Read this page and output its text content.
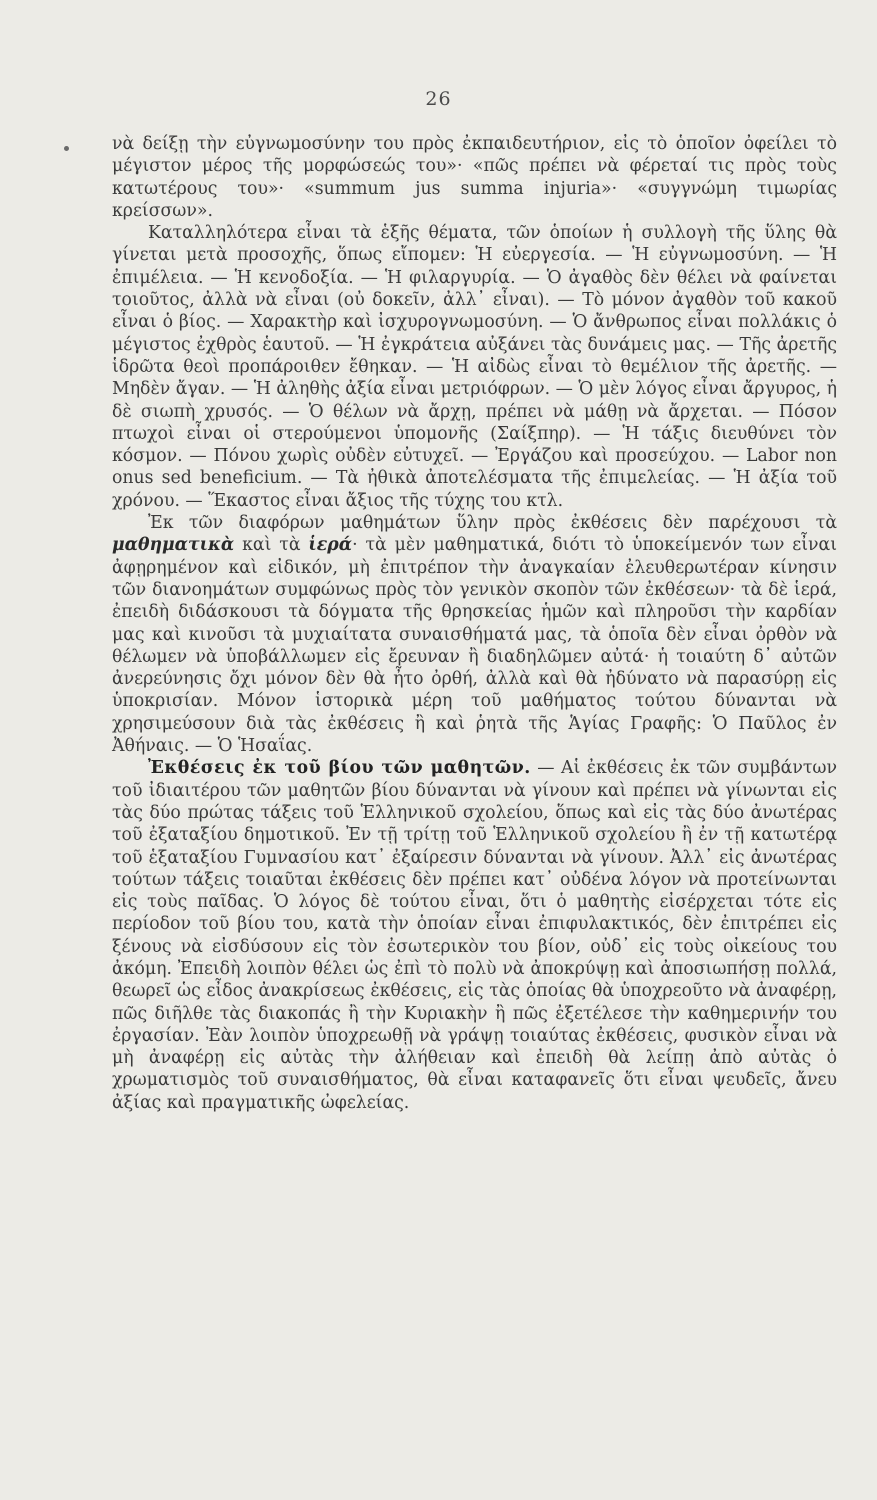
26

νὰ δείξῃ τὴν εὐγνωμοσύνην του πρὸς ἐκπαιδευτήριον, εἰς τὸ ὁποῖον ὀφείλει τὸ μέγιστον μέρος τῆς μορφώσεώς του»· «πῶς πρέπει νὰ φέρεταί τις πρὸς τοὺς κατωτέρους του»· «summum jus summa injuria»· «συγγνώμη τιμωρίας κρείσσων».

Καταλληλότερα εἶναι τὰ ἑξῆς θέματα, τῶν ὁποίων ἡ συλλογὴ τῆς ὕλης θὰ γίνεται μετὰ προσοχῆς, ὅπως εἴπομεν: Ἡ εὐεργεσία. — Ἡ εὐγνωμοσύνη. — Ἡ ἐπιμέλεια. — Ἡ κενοδοξία. — Ἡ φιλαργυρία. — Ὁ ἀγαθὸς δὲν θέλει νὰ φαίνεται τοιοῦτος, ἀλλὰ νὰ εἶναι (οὐ δοκεῖν, ἀλλ᾽ εἶναι). — Τὸ μόνον ἀγαθὸν τοῦ κακοῦ εἶναι ὁ βίος. — Χαρακτὴρ καὶ ἰσχυρογνωμοσύνη. — Ὁ ἄνθρωπος εἶναι πολλάκις ὁ μέγιστος ἐχθρὸς ἑαυτοῦ. — Ἡ ἐγκράτεια αὐξάνει τὰς δυνάμεις μας. — Τῆς ἀρετῆς ἱδρῶτα θεοὶ προπάροιθεν ἔθηκαν. — Ἡ αἰδὼς εἶναι τὸ θεμέλιον τῆς ἀρετῆς. — Μηδὲν ἄγαν. — Ἡ ἀληθὴς ἀξία εἶναι μετριόφρων. — Ὁ μὲν λόγος εἶναι ἄργυρος, ἡ δὲ σιωπὴ χρυσός. — Ὁ θέλων νὰ ἄρχῃ, πρέπει νὰ μάθῃ νὰ ἄρχεται. — Πόσον πτωχοὶ εἶναι οἱ στερούμενοι ὑπομονῆς (Σαίξπηρ). — Ἡ τάξις διευθύνει τὸν κόσμον. — Πόνου χωρὶς οὐδὲν εὐτυχεῖ. — Ἐργάζου καὶ προσεύχου. — Labor non onus sed beneficium. — Τὰ ἠθικὰ ἀποτελέσματα τῆς ἐπιμελείας. — Ἡ ἀξία τοῦ χρόνου. — Ἕκαστος εἶναι ἄξιος τῆς τύχης του κτλ.

Ἐκ τῶν διαφόρων μαθημάτων ὕλην πρὸς ἐκθέσεις δὲν παρέχουσι τὰ μαθηματικὰ καὶ τὰ ἱερά· τὰ μὲν μαθηματικά, διότι τὸ ὑποκείμενόν των εἶναι ἀφῃρημένον καὶ εἰδικόν, μὴ ἐπιτρέπον τὴν ἀναγκαίαν ἐλευθερωτέραν κίνησιν τῶν διανοημάτων συμφώνως πρὸς τὸν γενικὸν σκοπὸν τῶν ἐκθέσεων· τὰ δὲ ἱερά, ἐπειδὴ διδάσκουσι τὰ δόγματα τῆς θρησκείας ἡμῶν καὶ πληροῦσι τὴν καρδίαν μας καὶ κινοῦσι τὰ μυχιαίτατα συναισθήματά μας, τὰ ὁποῖα δὲν εἶναι ὀρθὸν νὰ θέλωμεν νὰ ὑποβάλλωμεν εἰς ἔρευναν ἢ διαδηλῶμεν αὐτά· ἡ τοιαύτη δ᾽ αὐτῶν ἀνερεύνησις ὄχι μόνον δὲν θὰ ἦτο ὀρθή, ἀλλὰ καὶ θὰ ἠδύνατο νὰ παρασύρῃ εἰς ὑποκρισίαν. Μόνον ἱστορικὰ μέρη τοῦ μαθήματος τούτου δύνανται νὰ χρησιμεύσουν διὰ τὰς ἐκθέσεις ἢ καὶ ῥητὰ τῆς Ἁγίας Γραφῆς: Ὁ Παῦλος ἐν Ἀθήναις. — Ὁ Ἡσαΐας.

Ἐκθέσεις ἐκ τοῦ βίου τῶν μαθητῶν. — Αἱ ἐκθέσεις ἐκ τῶν συμβάντων τοῦ ἰδιαιτέρου τῶν μαθητῶν βίου δύνανται νὰ γίνουν καὶ πρέπει νὰ γίνωνται εἰς τὰς δύο πρώτας τάξεις τοῦ Ἑλληνικοῦ σχολείου, ὅπως καὶ εἰς τὰς δύο ἀνωτέρας τοῦ ἐξαταξίου δημοτικοῦ. Ἐν τῇ τρίτῃ τοῦ Ἑλληνικοῦ σχολείου ἢ ἐν τῇ κατωτέρᾳ τοῦ ἑξαταξίου Γυμνασίου κατ᾽ ἐξαίρεσιν δύνανται νὰ γίνουν. Ἀλλ᾽ εἰς ἀνωτέρας τούτων τάξεις τοιαῦται ἐκθέσεις δὲν πρέπει κατ᾽ οὐδένα λόγον νὰ προτείνωνται εἰς τοὺς παῖδας. Ὁ λόγος δὲ τούτου εἶναι, ὅτι ὁ μαθητὴς εἰσέρχεται τότε εἰς περίοδον τοῦ βίου του, κατὰ τὴν ὁποίαν εἶναι ἐπιφυλακτικός, δὲν ἐπιτρέπει εἰς ξένους νὰ εἰσδύσουν εἰς τὸν ἐσωτερικὸν του βίον, οὐδ᾽ εἰς τοὺς οἰκείους του ἀκόμη. Ἐπειδὴ λοιπὸν θέλει ὡς ἐπὶ τὸ πολὺ νὰ ἀποκρύψῃ καὶ ἀποσιωπήσῃ πολλά, θεωρεῖ ὡς εἶδος ἀνακρίσεως ἐκθέσεις, εἰς τὰς ὁποίας θὰ ὑποχρεοῦτο νὰ ἀναφέρῃ, πῶς διῆλθε τὰς διακοπάς ἢ τὴν Κυριακὴν ἢ πῶς ἐξετέλεσε τὴν καθημερινήν του ἐργασίαν. Ἐὰν λοιπὸν ὑποχρεωθῇ νὰ γράψῃ τοιαύτας ἐκθέσεις, φυσικὸν εἶναι νὰ μὴ ἀναφέρῃ εἰς αὐτὰς τὴν ἀλήθειαν καὶ ἐπειδὴ θὰ λείπῃ ἀπὸ αὐτὰς ὁ χρωματισμὸς τοῦ συναισθήματος, θὰ εἶναι καταφανεῖς ὅτι εἶναι ψευδεῖς, ἄνευ ἀξίας καὶ πραγματικῆς ὠφελείας.
